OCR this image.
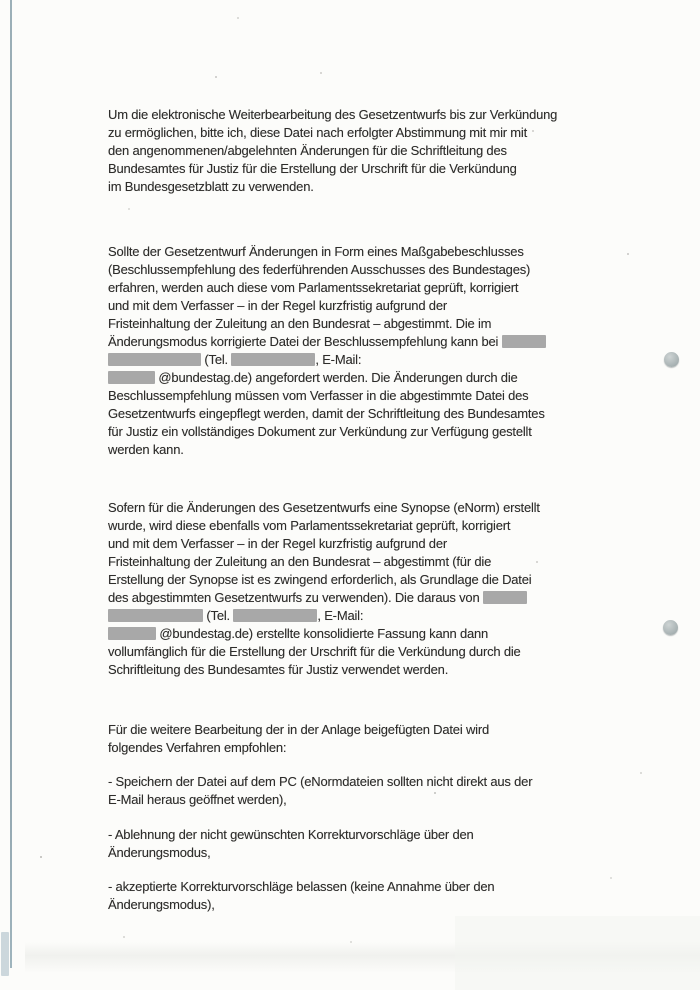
Um die elektronische Weiterbearbeitung des Gesetzentwurfs bis zur Verkündung
zu ermöglichen, bitte ich, diese Datei nach erfolgter Abstimmung mit mir mit
den angenommenen/abgelehnten Änderungen für die Schriftleitung des
Bundesamtes für Justiz für die Erstellung der Urschrift für die Verkündung
im Bundesgesetzblatt zu verwenden.
Sollte der Gesetzentwurf Änderungen in Form eines Maßgabebeschlusses
(Beschlussempfehlung des federführenden Ausschusses des Bundestages)
erfahren, werden auch diese vom Parlamentssekretariat geprüft, korrigiert
und mit dem Verfasser – in der Regel kurzfristig aufgrund der
Fristeinhaltung der Zuleitung an den Bundesrat – abgestimmt. Die im
Änderungsmodus korrigierte Datei der Beschlussempfehlung kann bei
(Tel.	, E-Mail:
@bundestag.de) angefordert werden. Die Änderungen durch die
Beschlussempfehlung müssen vom Verfasser in die abgestimmte Datei des
Gesetzentwurfs eingepflegt werden, damit der Schriftleitung des Bundesamtes
für Justiz ein vollständiges Dokument zur Verkündung zur Verfügung gestellt
werden kann.
Sofern für die Änderungen des Gesetzentwurfs eine Synopse (eNorm) erstellt
wurde, wird diese ebenfalls vom Parlamentssekretariat geprüft, korrigiert
und mit dem Verfasser – in der Regel kurzfristig aufgrund der
Fristeinhaltung der Zuleitung an den Bundesrat – abgestimmt (für die
Erstellung der Synopse ist es zwingend erforderlich, als Grundlage die Datei
des abgestimmten Gesetzentwurfs zu verwenden). Die daraus von
(Tel.	, E-Mail:
@bundestag.de) erstellte konsolidierte Fassung kann dann
vollumfänglich für die Erstellung der Urschrift für die Verkündung durch die
Schriftleitung des Bundesamtes für Justiz verwendet werden.
Für die weitere Bearbeitung der in der Anlage beigefügten Datei wird
folgendes Verfahren empfohlen:
- Speichern der Datei auf dem PC (eNormdateien sollten nicht direkt aus der
E-Mail heraus geöffnet werden),
- Ablehnung der nicht gewünschten Korrekturvorschläge über den
Änderungsmodus,
- akzeptierte Korrekturvorschläge belassen (keine Annahme über den
Änderungsmodus),
